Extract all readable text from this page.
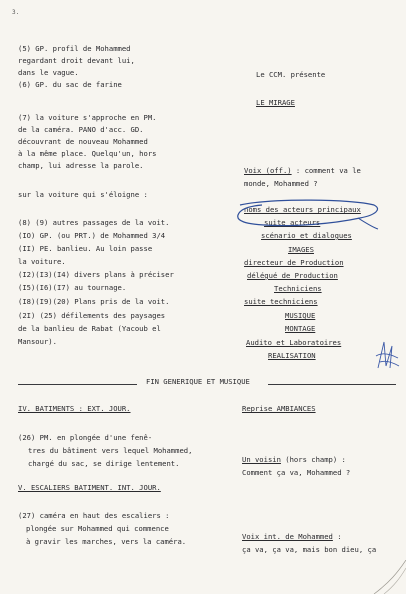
3.
(5) GP. profil de Mohammed
regardant droit devant lui,
dans le vague.
(6) GP. du sac de farine
(7) la voiture s'approche en PM.
de la caméra. PANO d'acc. GD.
découvrant de nouveau Mohammed
à la même place. Quelqu'un, hors
champ, lui adresse la parole.
sur la voiture qui s'éloigne :
(8) (9) autres passages de la voit.
(IO) GP. (ou PRT.) de Mohammed 3/4
(II) PE. banlieu. Au loin passe
la voiture.
(I2)(I3)(I4) divers plans à préciser
(I5)(I6)(I7) au tournage.
(I8)(I9)(20) Plans pris de la voit.
(2I) (25) défilements des paysages
de la banlieu de Rabat (Yacoub el
Mansour).
Le CCM. présente
LE MIRAGE
Voix (off.) : comment va le
monde, Mohammed ?
noms des acteurs principaux
suite acteurs
scénario et dialogues
IMAGES
directeur de Production
délégué de Production
Techniciens
suite techniciens
MUSIQUE
MONTAGE
Audito et Laboratoires
REALISATION
FIN GENERIQUE ET MUSIQUE
IV. BATIMENTS : EXT. JOUR.
(26) PM. en plongée d'une fenê-
tres du bâtiment vers lequel Mohammed,
chargé du sac, se dirige lentement.
V. ESCALIERS BATIMENT. INT. JOUR.
(27) caméra en haut des escaliers :
plongée sur Mohammed qui commence
à gravir les marches, vers la caméra.
Reprise AMBIANCES
Un voisin (hors champ) :
Comment ça va, Mohammed ?
Voix int. de Mohammed :
ça va, ça va, mais bon dieu, ça
